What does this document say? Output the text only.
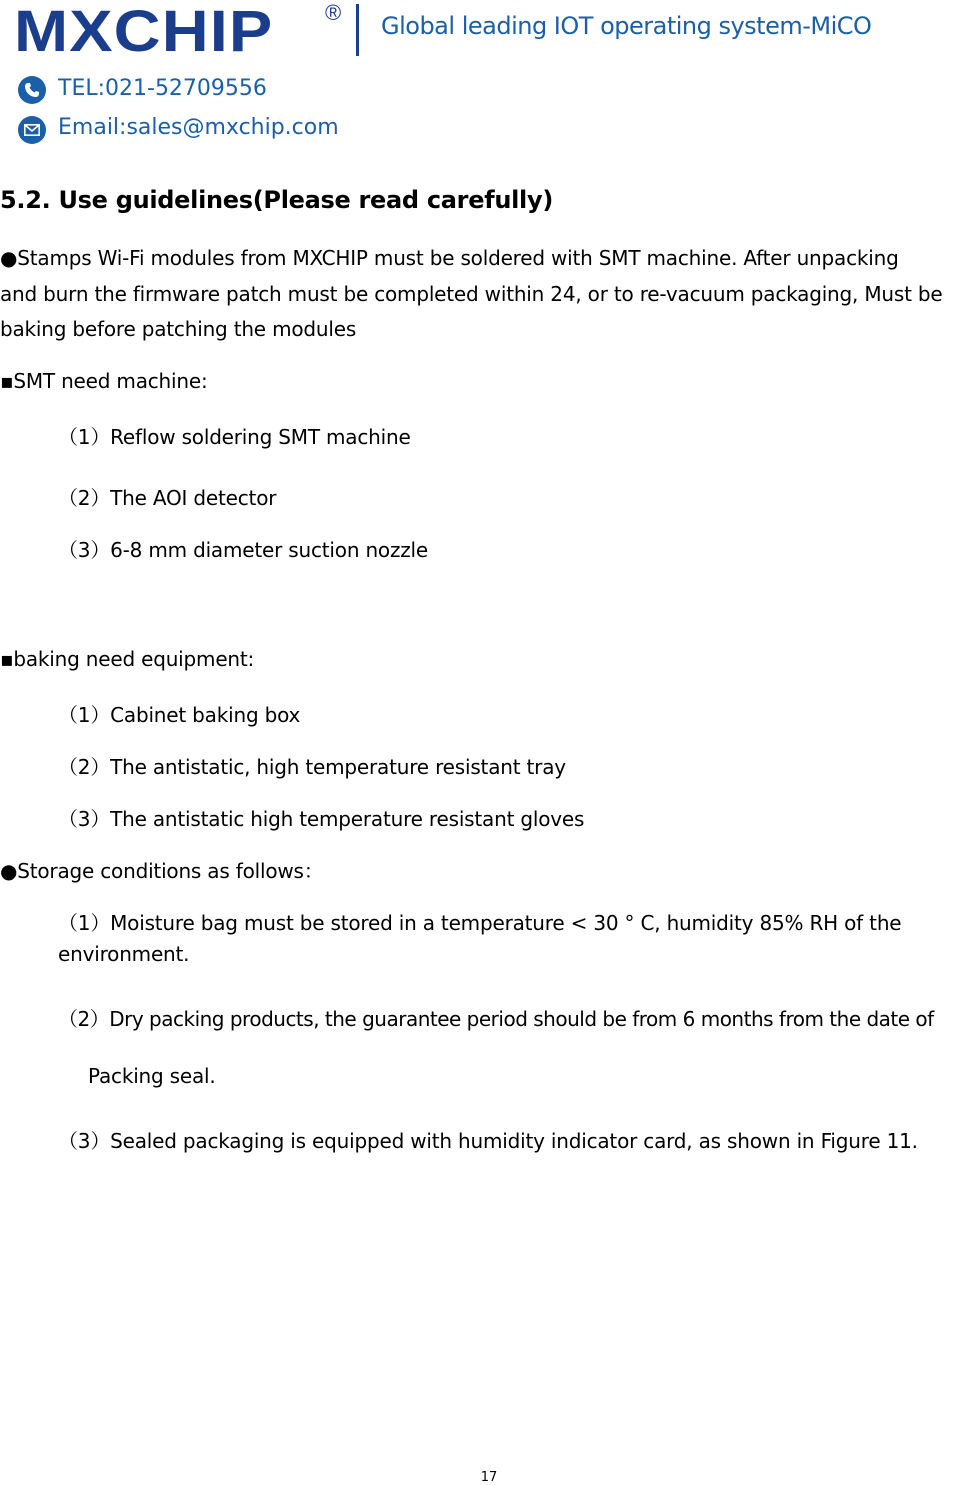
MXCHIP ® Global leading IOT operating system-MiCO
TEL:021-52709556
Email:sales@mxchip.com
5.2. Use guidelines(Please read carefully)
●Stamps Wi-Fi modules from MXCHIP must be soldered with SMT machine. After unpacking
and burn the firmware patch must be completed within 24, or to re-vacuum packaging, Must be
baking before patching the modules
▪SMT need machine:
（1）Reflow soldering SMT machine
（2）The AOI detector
（3）6-8 mm diameter suction nozzle
▪baking need equipment:
（1）Cabinet baking box
（2）The antistatic, high temperature resistant tray
（3）The antistatic high temperature resistant gloves
●Storage conditions as follows：
（1）Moisture bag must be stored in a temperature < 30 ° C, humidity 85% RH of the
environment.
（2）Dry packing products, the guarantee period should be from 6 months from the date of
Packing seal.
（3）Sealed packaging is equipped with humidity indicator card, as shown in Figure 11.
17
